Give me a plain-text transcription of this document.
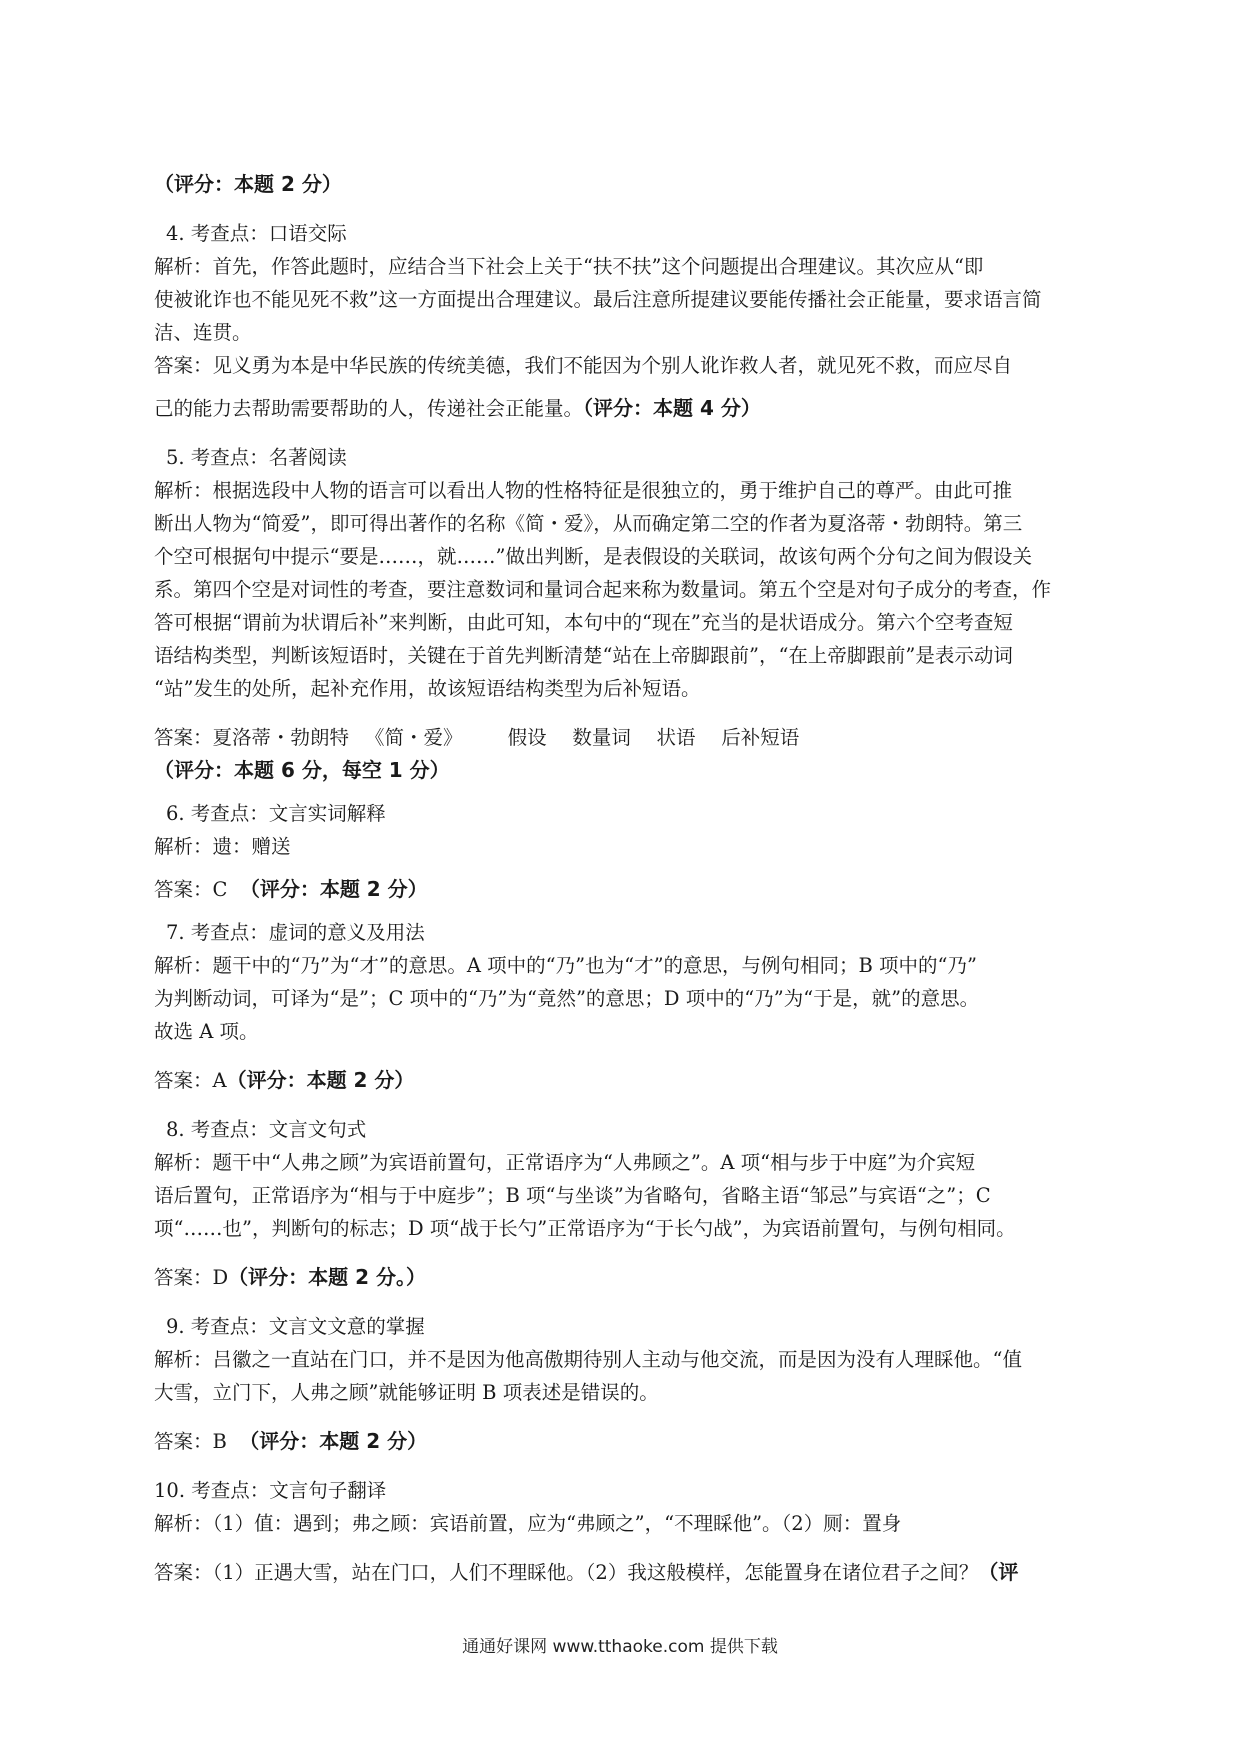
（评分：本题 2 分）

4. 考查点：口语交际

解析：首先，作答此题时，应结合当下社会上关于“扶不扶”这个问题提出合理建议。其次应从“即

使被讹诈也不能见死不救”这一方面提出合理建议。最后注意所提建议要能传播社会正能量，要求语言简

洁、连贯。

答案：见义勇为本是中华民族的传统美德，我们不能因为个别人讹诈救人者，就见死不救，而应尽自

己的能力去帮助需要帮助的人，传递社会正能量。（评分：本题 4 分）

5. 考查点：名著阅读

解析：根据选段中人物的语言可以看出人物的性格特征是很独立的，勇于维护自己的尊严。由此可推

断出人物为“简爱”，即可得出著作的名称《简・爱》，从而确定第二空的作者为夏洛蒂・勃朗特。第三

个空可根据句中提示“要是……，就……”做出判断，是表假设的关联词，故该句两个分句之间为假设关

系。第四个空是对词性的考查，要注意数词和量词合起来称为数量词。第五个空是对句子成分的考查，作

答可根据“谓前为状谓后补”来判断，由此可知，本句中的“现在”充当的是状语成分。第六个空考查短

语结构类型，判断该短语时，关键在于首先判断清楚“站在上帝脚跟前”，“在上帝脚跟前”是表示动词

“站”发生的处所，起补充作用，故该短语结构类型为后补短语。

答案：夏洛蒂・勃朗特 　《简・爱》 　　假设 　数量词 　状语 　后补短语（评分：本题 6 分，每空 1 分）

6. 考查点：文言实词解释

解析：遗：赠送

答案：C （评分：本题 2 分）

7. 考查点：虚词的意义及用法

解析：题干中的“乃”为“才”的意思。A 项中的“乃”也为“才”的意思，与例句相同；B 项中的“乃”

为判断动词，可译为“是”；C 项中的“乃”为“竟然”的意思；D 项中的“乃”为“于是，就”的意思。

故选 A 项。

答案：A（评分：本题 2 分）

8. 考查点：文言文句式

解析：题干中“人弗之顾”为宾语前置句，正常语序为“人弗顾之”。A 项“相与步于中庭”为介宾短

语后置句，正常语序为“相与于中庭步”；B 项“与坐谈”为省略句，省略主语“邹忌”与宾语“之”；C

项“……也”，判断句的标志；D 项“战于长勺”正常语序为“于长勺战”，为宾语前置句，与例句相同。

答案：D（评分：本题 2 分。）

9. 考查点：文言文文意的掌握

解析：吕徽之一直站在门口，并不是因为他高傲期待别人主动与他交流，而是因为没有人理睬他。“值

大雪，立门下，人弗之顾”就能够证明 B 项表述是错误的。

答案：B （评分：本题 2 分）

10. 考查点：文言句子翻译

解析：（1）值：遇到；弗之顾：宾语前置，应为“弗顾之”，“不理睬他”。（2）厕：置身

答案：（1）正遇大雪，站在门口，人们不理睬他。（2）我这般模样，怎能置身在诸位君子之间？（评

通通好课网 www.tthaoke.com 提供下载
